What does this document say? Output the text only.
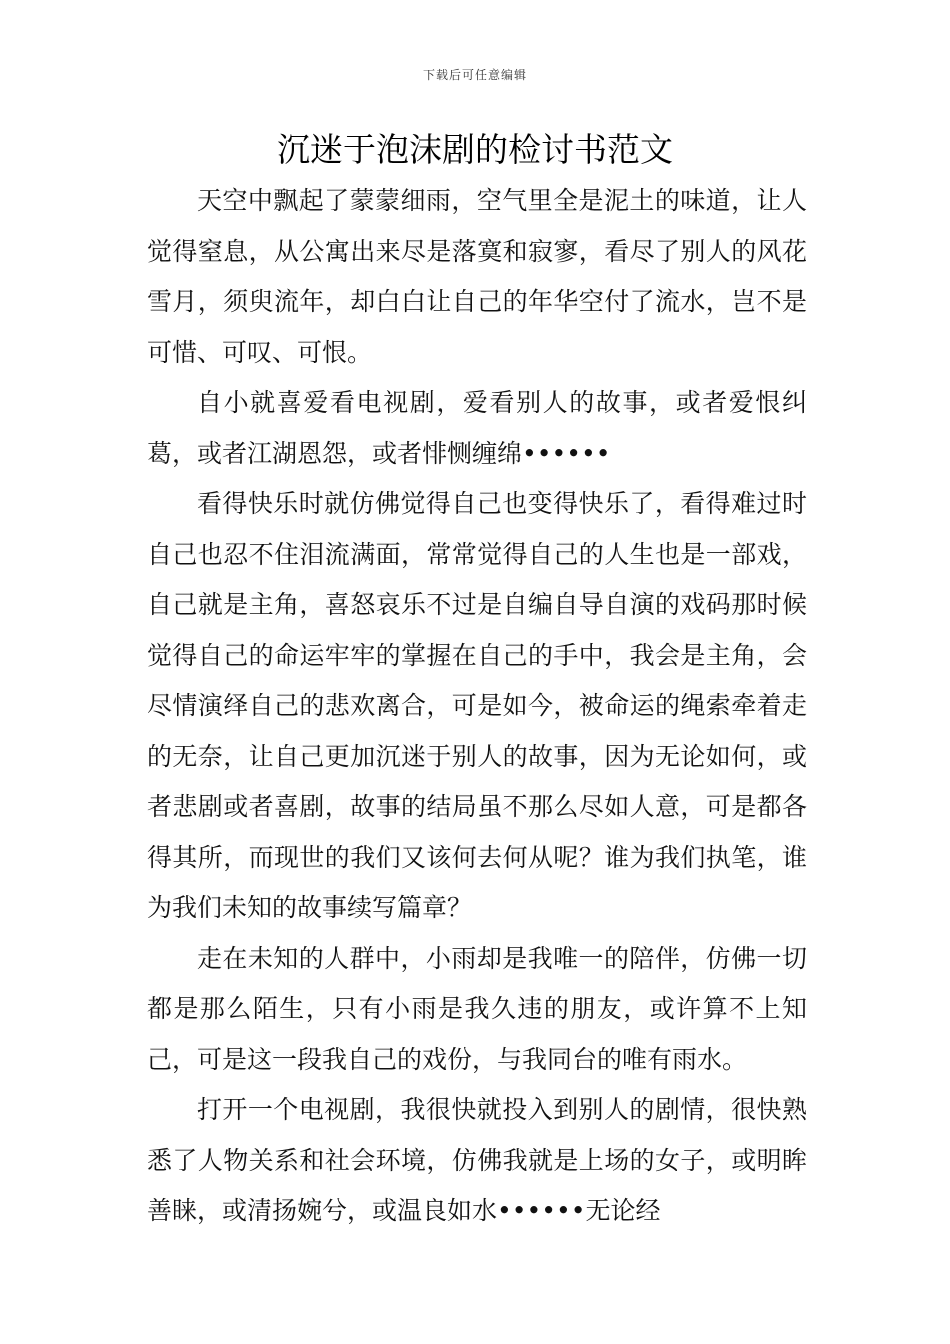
下载后可任意编辑
沉迷于泡沫剧的检讨书范文

天空中飘起了蒙蒙细雨，空气里全是泥土的味道，让人觉得窒息，从公寓出来尽是落寞和寂寥，看尽了别人的风花雪月，须臾流年，却白白让自己的年华空付了流水，岂不是可惜、可叹、可恨。

自小就喜爱看电视剧，爱看别人的故事，或者爱恨纠葛，或者江湖恩怨，或者悱恻缠绵••••••

看得快乐时就仿佛觉得自己也变得快乐了，看得难过时自己也忍不住泪流满面，常常觉得自己的人生也是一部戏，自己就是主角，喜怒哀乐不过是自编自导自演的戏码那时候觉得自己的命运牢牢的掌握在自己的手中，我会是主角，会尽情演绎自己的悲欢离合，可是如今，被命运的绳索牵着走的无奈，让自己更加沉迷于别人的故事，因为无论如何，或者悲剧或者喜剧，故事的结局虽不那么尽如人意，可是都各得其所，而现世的我们又该何去何从呢？谁为我们执笔，谁为我们未知的故事续写篇章？

走在未知的人群中，小雨却是我唯一的陪伴，仿佛一切都是那么陌生，只有小雨是我久违的朋友，或许算不上知己，可是这一段我自己的戏份，与我同台的唯有雨水。

打开一个电视剧，我很快就投入到别人的剧情，很快熟悉了人物关系和社会环境，仿佛我就是上场的女子，或明眸善睐，或清扬婉兮，或温良如水••••••无论经
